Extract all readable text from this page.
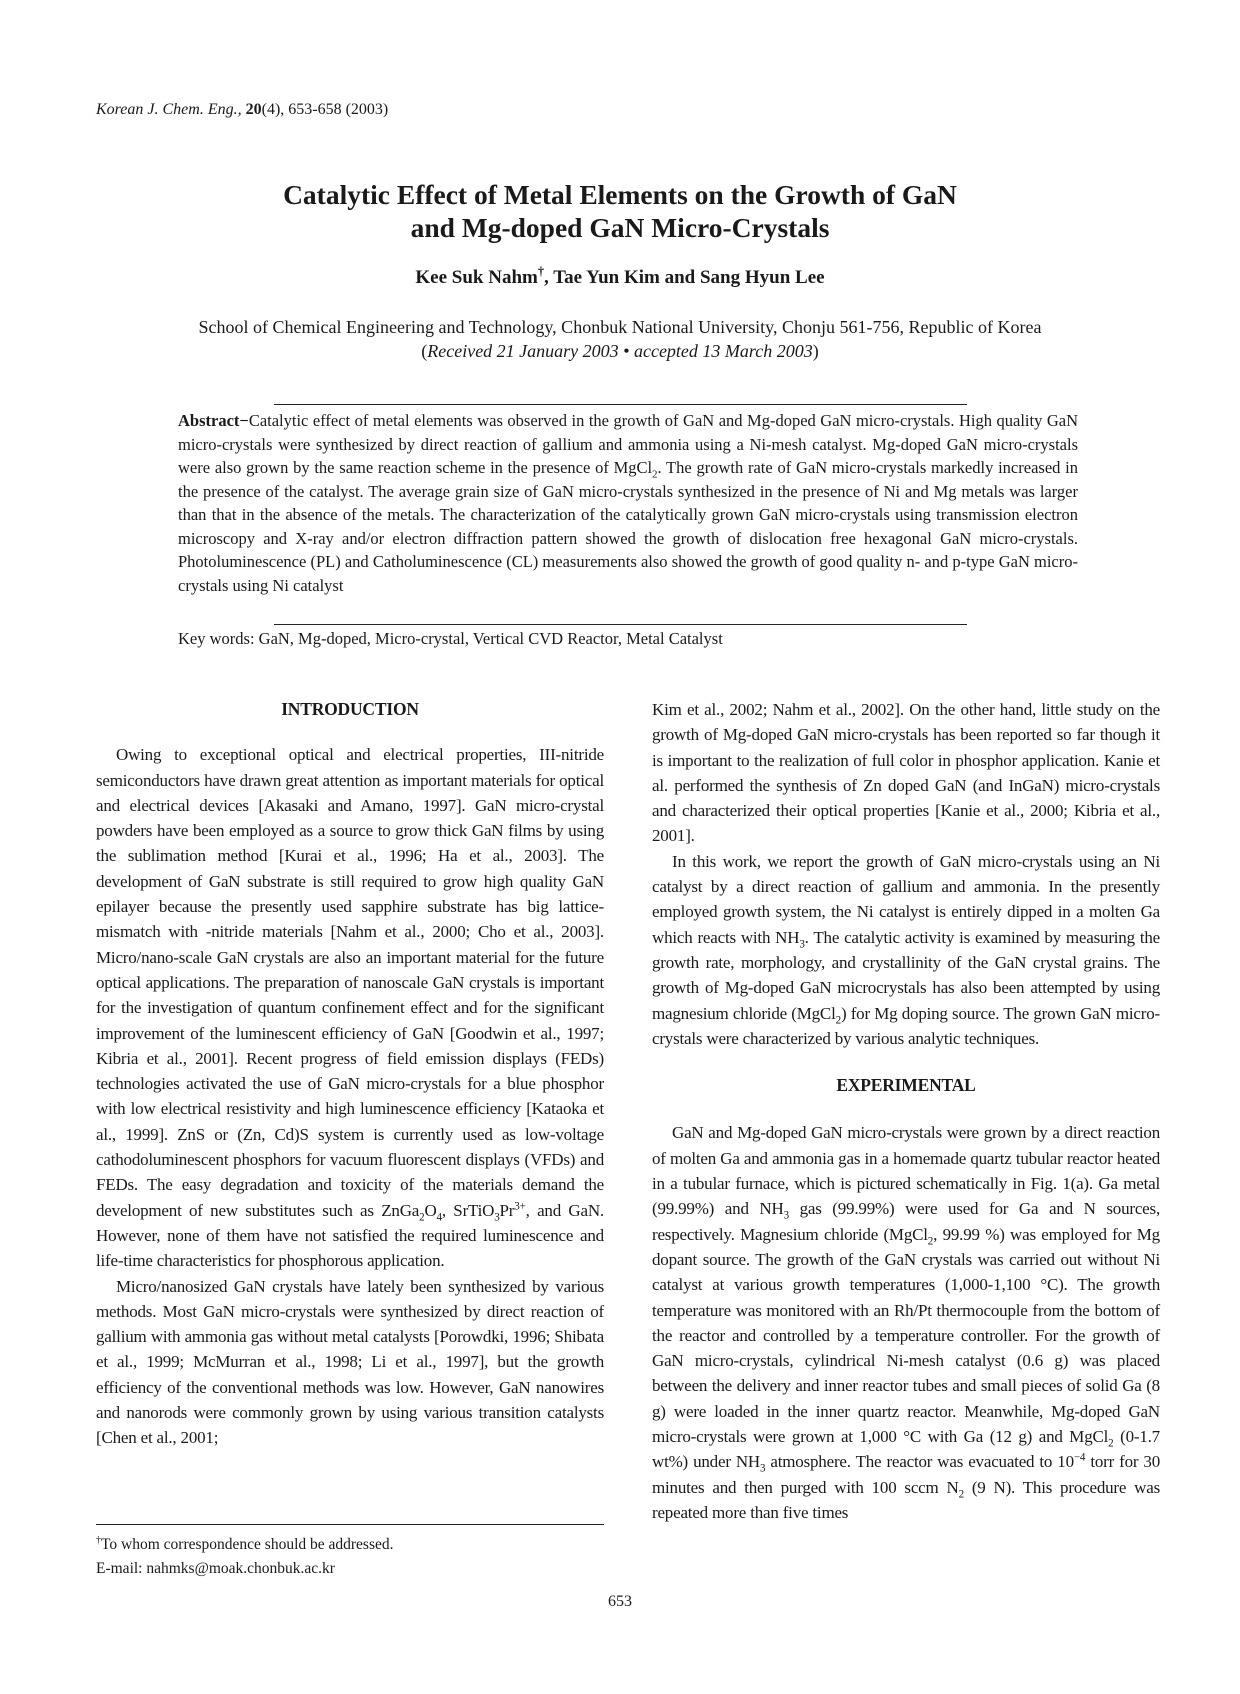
Korean J. Chem. Eng., 20(4), 653-658 (2003)
Catalytic Effect of Metal Elements on the Growth of GaN
and Mg-doped GaN Micro-Crystals
Kee Suk Nahm†, Tae Yun Kim and Sang Hyun Lee
School of Chemical Engineering and Technology, Chonbuk National University, Chonju 561-756, Republic of Korea
(Received 21 January 2003 • accepted 13 March 2003)
Abstract−Catalytic effect of metal elements was observed in the growth of GaN and Mg-doped GaN micro-crystals. High quality GaN micro-crystals were synthesized by direct reaction of gallium and ammonia using a Ni-mesh catalyst. Mg-doped GaN micro-crystals were also grown by the same reaction scheme in the presence of MgCl$_2$. The growth rate of GaN micro-crystals markedly increased in the presence of the catalyst. The average grain size of GaN micro-crystals synthesized in the presence of Ni and Mg metals was larger than that in the absence of the metals. The characterization of the catalytically grown GaN micro-crystals using transmission electron microscopy and X-ray and/or electron diffraction pattern showed the growth of dislocation free hexagonal GaN micro-crystals. Photoluminescence (PL) and Catholuminescence (CL) measurements also showed the growth of good quality n- and p-type GaN micro-crystals using Ni catalyst
Key words: GaN, Mg-doped, Micro-crystal, Vertical CVD Reactor, Metal Catalyst
INTRODUCTION

Owing to exceptional optical and electrical properties, III-nitride semiconductors have drawn great attention as important materials for optical and electrical devices [Akasaki and Amano, 1997]. GaN micro-crystal powders have been employed as a source to grow thick GaN films by using the sublimation method [Kurai et al., 1996; Ha et al., 2003]. The development of GaN substrate is still required to grow high quality GaN epilayer because the presently used sapphire substrate has big lattice-mismatch with -nitride materials [Nahm et al., 2000; Cho et al., 2003]. Micro/nano-scale GaN crystals are also an important material for the future optical applications. The preparation of nanoscale GaN crystals is important for the investigation of quantum confinement effect and for the significant improvement of the luminescent efficiency of GaN [Goodwin et al., 1997; Kibria et al., 2001]. Recent progress of field emission displays (FEDs) technologies activated the use of GaN micro-crystals for a blue phosphor with low electrical resistivity and high luminescence efficiency [Kataoka et al., 1999]. ZnS or (Zn, Cd)S system is currently used as low-voltage cathodoluminescent phosphors for vacuum fluorescent displays (VFDs) and FEDs. The easy degradation and toxicity of the materials demand the development of new substitutes such as $ZnGa_2O_4$, $SrTiO_3Pr^{3+}$, and GaN. However, none of them have not satisfied the required luminescence and life-time characteristics for phosphorous application.

Micro/nanosized GaN crystals have lately been synthesized by various methods. Most GaN micro-crystals were synthesized by direct reaction of gallium with ammonia gas without metal catalysts [Porowdki, 1996; Shibata et al., 1999; McMurran et al., 1998; Li et al., 1997], but the growth efficiency of the conventional methods was low. However, GaN nanowires and nanorods were commonly grown by using various transition catalysts [Chen et al., 2001;

Kim et al., 2002; Nahm et al., 2002]. On the other hand, little study on the growth of Mg-doped GaN micro-crystals has been reported so far though it is important to the realization of full color in phosphor application. Kanie et al. performed the synthesis of Zn doped GaN (and InGaN) micro-crystals and characterized their optical properties [Kanie et al., 2000; Kibria et al., 2001].

In this work, we report the growth of GaN micro-crystals using an Ni catalyst by a direct reaction of gallium and ammonia. In the presently employed growth system, the Ni catalyst is entirely dipped in a molten Ga which reacts with $NH_3$. The catalytic activity is examined by measuring the growth rate, morphology, and crystallinity of the GaN crystal grains. The growth of Mg-doped GaN microcrystals has also been attempted by using magnesium chloride (MgCl$_2$) for Mg doping source. The grown GaN micro-crystals were characterized by various analytic techniques.

EXPERIMENTAL

GaN and Mg-doped GaN micro-crystals were grown by a direct reaction of molten Ga and ammonia gas in a homemade quartz tubular reactor heated in a tubular furnace, which is pictured schematically in Fig. 1(a). Ga metal (99.99%) and $NH_3$ gas (99.99%) were used for Ga and N sources, respectively. Magnesium chloride (MgCl$_2$, 99.99 %) was employed for Mg dopant source. The growth of the GaN crystals was carried out without Ni catalyst at various growth temperatures (1,000-1,100 °C). The growth temperature was monitored with an Rh/Pt thermocouple from the bottom of the reactor and controlled by a temperature controller. For the growth of GaN micro-crystals, cylindrical Ni-mesh catalyst (0.6 g) was placed between the delivery and inner reactor tubes and small pieces of solid Ga (8 g) were loaded in the inner quartz reactor. Meanwhile, Mg-doped GaN micro-crystals were grown at 1,000 °C with Ga (12 g) and MgCl$_2$ (0-1.7 wt%) under $NH_3$ atmosphere. The reactor was evacuated to $10^{-4}$ torr for 30 minutes and then purged with 100 sccm $N_2$ (9 N). This procedure was repeated more than five times

†To whom correspondence should be addressed.
E-mail: nahmks@moak.chonbuk.ac.kr
653
